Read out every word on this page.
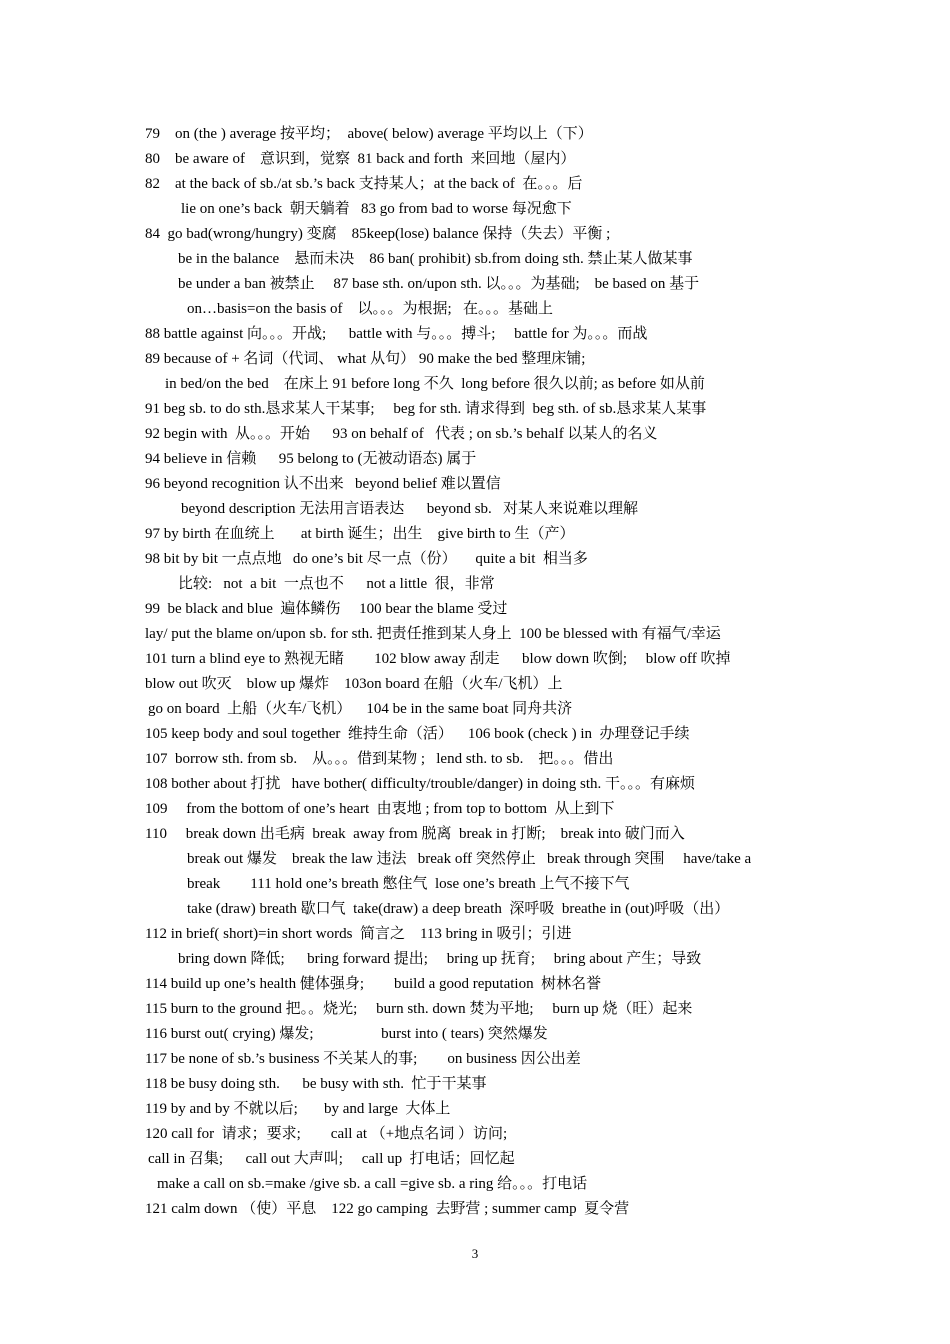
79    on (the ) average 按平均；  above( below) average 平均以上（下）
80    be aware of    意识到，觉察  81 back and forth  来回地（屋内）
82    at the back of sb./at sb.’s back 支持某人；at the back of  在。。。后
lie on one’s back  朝天躺着   83 go from bad to worse 每况愈下
84  go bad(wrong/hungry) 变腐    85keep(lose) balance 保持（失去）平衡 ;
be in the balance    悬而未决    86 ban( prohibit) sb.from doing sth. 禁止某人做某事
be under a ban 被禁止     87 base sth. on/upon sth. 以。。。为基础;    be based on 基于
on…basis=on the basis of    以。。。为根据;   在。。。基础上
88 battle against 向。。。开战;      battle with 与。。。搏斗;     battle for 为。。。而战
89 because of + 名词（代词、 what 从句） 90 make the bed 整理床铺;
in bed/on the bed    在床上 91 before long 不久  long before 很久以前; as before 如从前
91 beg sb. to do sth.恳求某人干某事;     beg for sth. 请求得到  beg sth. of sb.恳求某人某事
92 begin with  从。。。开始      93 on behalf of   代表 ; on sb.’s behalf 以某人的名义
94 believe in 信赖      95 belong to (无被动语态) 属于
96 beyond recognition 认不出来   beyond belief 难以置信
beyond description 无法用言语表达      beyond sb.   对某人来说难以理解
97 by birth 在血统上       at birth 诞生；出生    give birth to 生（产）
98 bit by bit 一点点地   do one’s bit 尽一点（份）     quite a bit  相当多
比较:   not  a bit  一点也不      not a little  很，非常
99  be black and blue  遍体鳞伤     100 bear the blame 受过
lay/ put the blame on/upon sb. for sth. 把责任推到某人身上  100 be blessed with 有福气/幸运
101 turn a blind eye to 熟视无睹        102 blow away 刮走      blow down 吹倒;     blow off 吹掉
blow out 吹灭    blow up 爆炸    103on board 在船（火车/飞机）上
go on board  上船（火车/飞机）    104 be in the same boat 同舟共济
105 keep body and soul together  维持生命（活）    106 book (check ) in  办理登记手续
107  borrow sth. from sb.    从。。。借到某物 ;   lend sth. to sb.    把。。。借出
108 bother about 打扰   have bother( difficulty/trouble/danger) in doing sth. 干。。。有麻烦
109     from the bottom of one’s heart  由衷地 ; from top to bottom  从上到下
110     break down 出毛病  break  away from 脱离  break in 打断;    break into 破门而入
break out 爆发    break the law 违法   break off 突然停止   break through 突围     have/take a
break        111 hold one’s breath 憋住气  lose one’s breath 上气不接下气
take (draw) breath 歇口气  take(draw) a deep breath  深呼吸  breathe in (out)呼吸（出）
112 in brief( short)=in short words  简言之    113 bring in 吸引；引进
bring down 降低;      bring forward 提出;     bring up 抚育;     bring about 产生；导致
114 build up one’s health 健体强身;        build a good reputation  树林名誉
115 burn to the ground 把。。烧光;     burn sth. down 焚为平地;     burn up 烧（旺）起来
116 burst out( crying) 爆发;                  burst into ( tears) 突然爆发
117 be none of sb.’s business 不关某人的事;        on business 因公出差
118 be busy doing sth.      be busy with sth.  忙于干某事
119 by and by 不就以后;       by and large  大体上
120 call for  请求；要求;        call at （+地点名词 ）访问;
call in 召集;      call out 大声叫;     call up  打电话；回忆起
make a call on sb.=make /give sb. a call =give sb. a ring 给。。。打电话
121 calm down （使）平息    122 go camping  去野营 ; summer camp  夏令营
3
